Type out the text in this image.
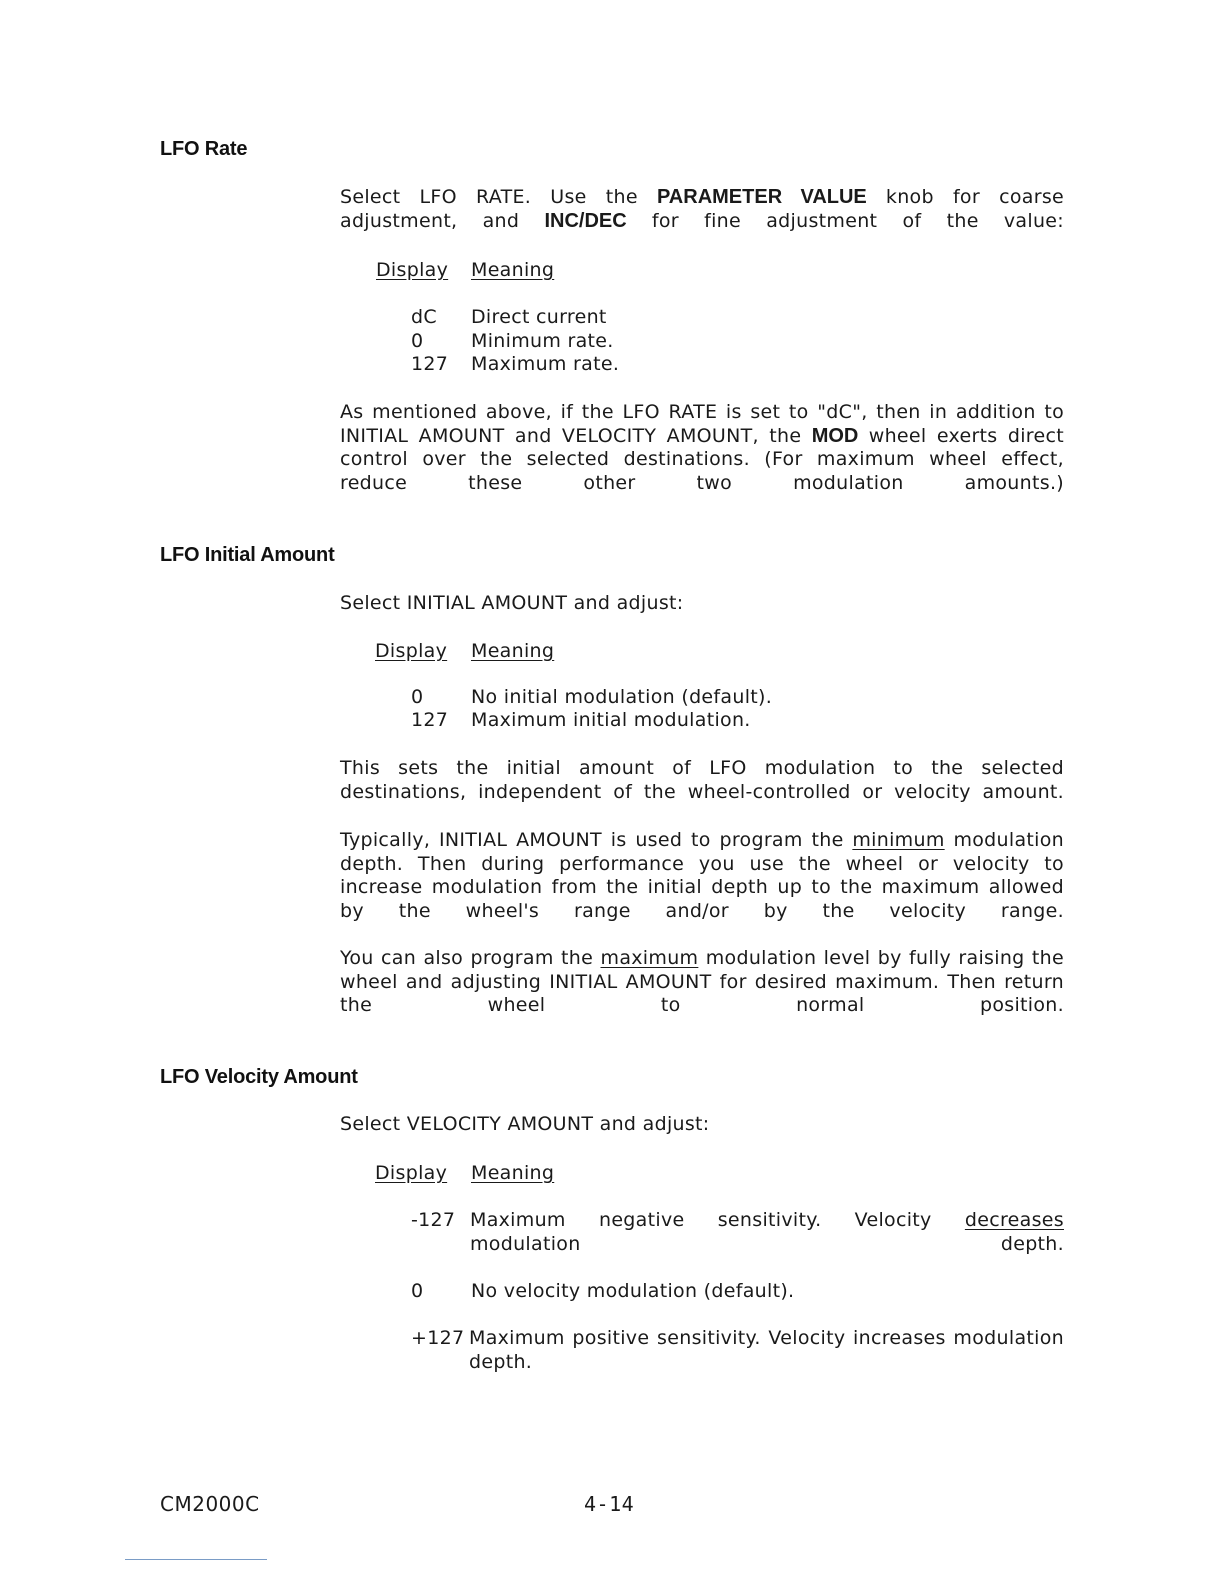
LFO Rate
Select LFO RATE. Use the PARAMETER VALUE knob for coarse adjustment, and INC/DEC for fine adjustment of the value:
Display Meaning
dC Direct current
0	Minimum rate.
127 Maximum rate.
As mentioned above, if the LFO RATE is set to "dC", then in addition to INITIAL AMOUNT and VELOCITY AMOUNT, the MOD wheel exerts direct control over the selected destinations. (For maximum wheel effect, reduce these other two modulation amounts.)
LFO Initial Amount
Select INITIAL AMOUNT and adjust:
Display Meaning
0	No initial modulation (default).
127 Maximum initial modulation.
This sets the initial amount of LFO modulation to the selected destinations, independent of the wheel-controlled or velocity amount.
Typically, INITIAL AMOUNT is used to program the minimum modulation depth. Then during performance you use the wheel or velocity to increase modulation from the initial depth up to the maximum allowed by the wheel's range and/or by the velocity range.
You can also program the maximum modulation level by fully raising the wheel and adjusting INITIAL AMOUNT for desired maximum. Then return the wheel to normal position.
LFO Velocity Amount
Select VELOCITY AMOUNT and adjust:
Display Meaning
-127 Maximum negative sensitivity. Velocity decreases modulation depth.
0	No velocity modulation (default).
+127 Maximum positive sensitivity. Velocity increases modulation depth.
CM2000C	4-14
